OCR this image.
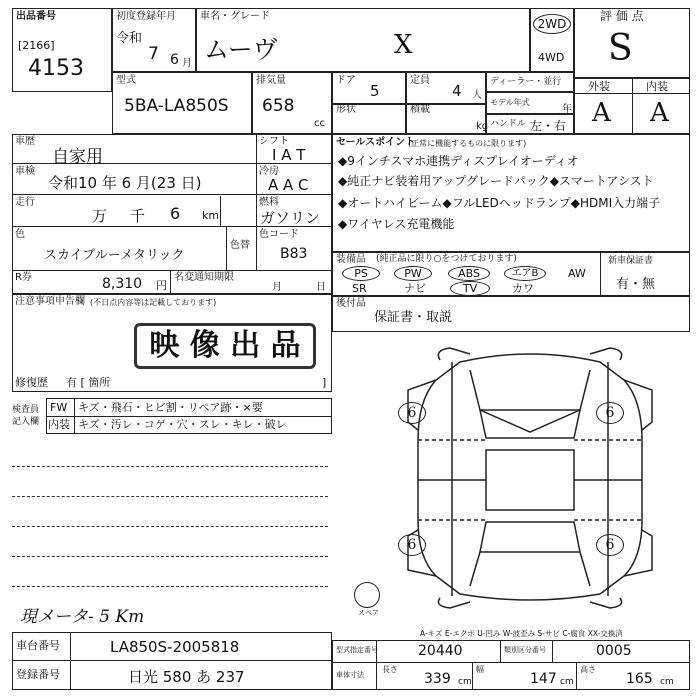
出品番号
[2166]
4153
初度登録年月
令和
7 6 月
車名・グレード
ムーヴ	X
2WD
4WD
評 価 点
S
外装	内装
A A
型式
5BA-LA850S
排気量
658
cc
ドア
5
定員
4 人
ディーラー・並行
形状	積載
kg
モデル年式
年
ハンドル 左・右
車歴
自家用
車検
令和10 年 6 月(23 日)
走行
万 千 6 km
色
スカイブルーメタリック
色替
シフト
I A T
冷房
A A C
燃料
ガソリン
色コード
B83
R券	8,310 円
名変通知期限
月	日
セールスポイント
(正常に機能するものに限ります)
◆9インチスマホ連携ディスプレイオーディオ
◆純正ナビ装着用アップグレードパック◆スマートアシスト
◆オートハイビーム◆フルLEDヘッドランプ◆HDMI入力端子
◆ワイヤレス充電機能
装備品 (純正品に限り○をつけております)
PS	PW	ABS	エアB	AW
SR	ナビ	TV	カワ
新車保証書
有・無
後付品
保証書・取説
注意事項申告欄 (不日点内容等は記載しております)
映 像 出 品
修復歴 有 [ 箇所	]
検査員記入欄
FW キズ・飛石・ヒビ割・リペア跡・×要
内装 キズ・汚レ・コゲ・穴・スレ・キレ・破レ
現メータ- 5 Km
6	6
6	6
スペア
A-キズ E-エクボ U-凹み W-波歪み S-サビ C-腐食 XX-交換済
車台番号	LA850S-2005818
登録番号	日光 580 あ 237
型式指定番号	20440	類別区分番号	0005
車体寸法
長さ
339 cm
幅
147 cm
高さ
165 cm
